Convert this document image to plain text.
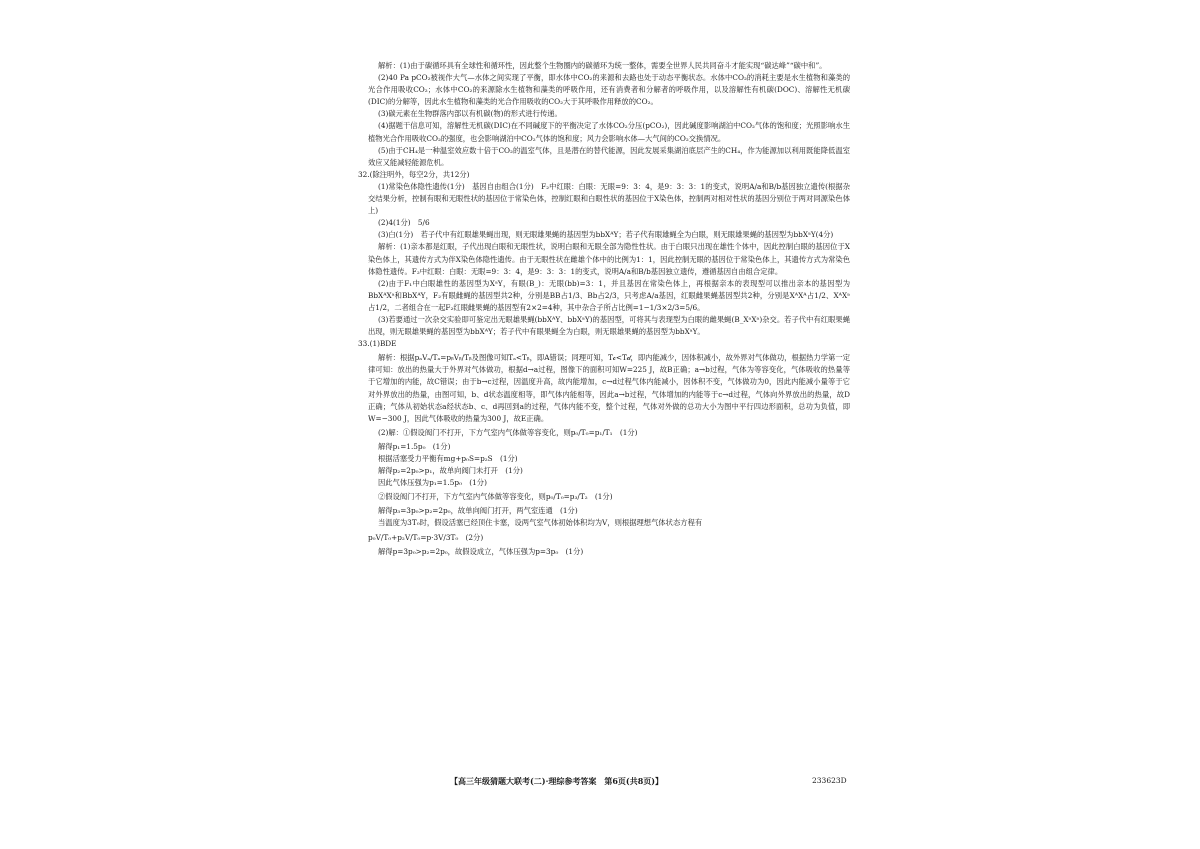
解析：(1)由于碳循环具有全球性和循环性，因此整个生物圈内的碳循环为统一整体，需要全世界人民共同奋斗才能实现“碳达峰”“碳中和”。

(2)40 Pa pCO₂被视作大气—水体之间实现了平衡，即水体中CO₂的来源和去路也处于动态平衡状态。水体中CO₂的消耗主要是水生植物和藻类的光合作用吸收CO₂；水体中CO₂的来源除水生植物和藻类的呼吸作用，还有消费者和分解者的呼吸作用，以及溶解性有机碳(DOC)、溶解性无机碳(DIC)的分解等，因此水生植物和藻类的光合作用吸收的CO₂大于其呼吸作用释放的CO₂。

(3)碳元素在生物群落内部以有机碳(物)的形式进行传递。

(4)据题干信息可知，溶解性无机碳(DIC)在不同碱度下的平衡决定了水体CO₂分压(pCO₂)，因此碱度影响湖泊中CO₂气体的饱和度；光照影响水生植物光合作用吸收CO₂的强度，也会影响湖泊中CO₂气体的饱和度；风力会影响水体—大气间的CO₂交换情况。

(5)由于CH₄是一种温室效应数十倍于CO₂的温室气体，且是潜在的替代能源，因此发展采集湖泊底层产生的CH₄，作为能源加以利用既能降低温室效应又能减轻能源危机。

32.(除注明外，每空2分，共12分)

(1)常染色体隐性遗传(1分)　基因自由组合(1分)　F₂中红眼：白眼：无眼=9：3：4，是9：3：3：1的变式，说明A/a和B/b基因独立遗传(根据杂交结果分析，控制有眼和无眼性状的基因位于常染色体，控制红眼和白眼性状的基因位于X染色体，控制两对相对性状的基因分别位于两对同源染色体上)

(2)4(1分)　5/6

(3)白(1分)　若子代中有红眼雄果蝇出现，则无眼雄果蝇的基因型为bbXᴬY；若子代有眼雄蝇全为白眼，则无眼雄果蝇的基因型为bbXᵃY(4分)

解析：(1)亲本都是红眼，子代出现白眼和无眼性状，说明白眼和无眼全部为隐性性状。由于白眼只出现在雄性个体中，因此控制白眼的基因位于X染色体上，其遗传方式为伴X染色体隐性遗传。由于无眼性状在雌雄个体中的比例为1：1，因此控制无眼的基因位于常染色体上，其遗传方式为常染色体隐性遗传。F₂中红眼：白眼：无眼=9：3：4，是9：3：3：1的变式，说明A/a和B/b基因独立遗传，遵循基因自由组合定律。

(2)由于F₁中白眼雄性的基因型为XᵃY，有眼(B_)：无眼(bb)=3：1，并且基因在常染色体上，再根据亲本的表现型可以推出亲本的基因型为BbXᴬXᵃ和BbXᴬY，F₂有眼雌蝇的基因型共2种，分别是BB占1/3、Bb占2/3，只考虑A/a基因，红眼雌果蝇基因型共2种，分别是XᴬXᴬ占1/2、XᴬXᵃ占1/2，二者组合在一起F₂红眼雌果蝇的基因型有2×2=4种，其中杂合子所占比例=1−1/3×2/3=5/6。

(3)若要通过一次杂交实验即可鉴定出无眼雄果蝇(bbXᴬY、bbXᵃY)的基因型，可将其与表现型为白眼的雌果蝇(B_XᵃXᵃ)杂交。若子代中有红眼果蝇出现，则无眼雄果蝇的基因型为bbXᴬY；若子代中有眼果蝇全为白眼，则无眼雄果蝇的基因型为bbXᵃY。

33.(1)BDE

解析：根据pₐVₐ/Tₐ=pᵦVᵦ/Tᵦ及图像可知Tₐ<Tᵦ，即A错误；同理可知，T𝒸<T𝒹，即内能减少，因体积减小，故外界对气体做功，根据热力学第一定律可知：放出的热量大于外界对气体做功，根据d→a过程，图像下的面积可知W=225 J，故B正确；a→b过程，气体为等容变化，气体吸收的热量等于它增加的内能，故C错误；由于b→c过程，因温度升高，故内能增加，c→d过程气体内能减小，因体积不变，气体做功为0，因此内能减小量等于它对外界放出的热量，由图可知，b、d状态温度相等，即气体内能相等，因此a→b过程，气体增加的内能等于c→d过程，气体向外界放出的热量，故D正确；气体从初始状态a经状态b、c、d再回到a的过程，气体内能不变，整个过程，气体对外做的总功大小为图中平行四边形面积，总功为负值，即W=−300 J，因此气体吸收的热量为300 J，故E正确。

(2)解：①假设阀门不打开，下方气室内气体做等容变化，则p₀/T₀=p₁/T₁　(1分)

解得p₁=1.5p₀　(1分)

根据活塞受力平衡有mg+p₀S=p₂S　(1分)

解得p₂=2p₀>p₁，故单向阀门未打开　(1分)

因此气体压强为p₁=1.5p₀　(1分)

②假设阀门不打开，下方气室内气体做等容变化，则p₀/T₀=p₃/T₂　(1分)

解得p₃=3p₀>p₂=2p₀，故单向阀门打开，两气室连通　(1分)

当温度为3T₀时，假设活塞已经顶住卡塞，设两气室气体初始体积均为V，则根据理想气体状态方程有

p₀V/T₀+p₂V/T₀=p·3V/3T₀　(2分)

解得p=3p₀>p₂=2p₀，故假设成立，气体压强为p=3p₀　(1分)

【高三年级猜题大联考(二)·理综参考答案　第6页(共8页)】	233623D
